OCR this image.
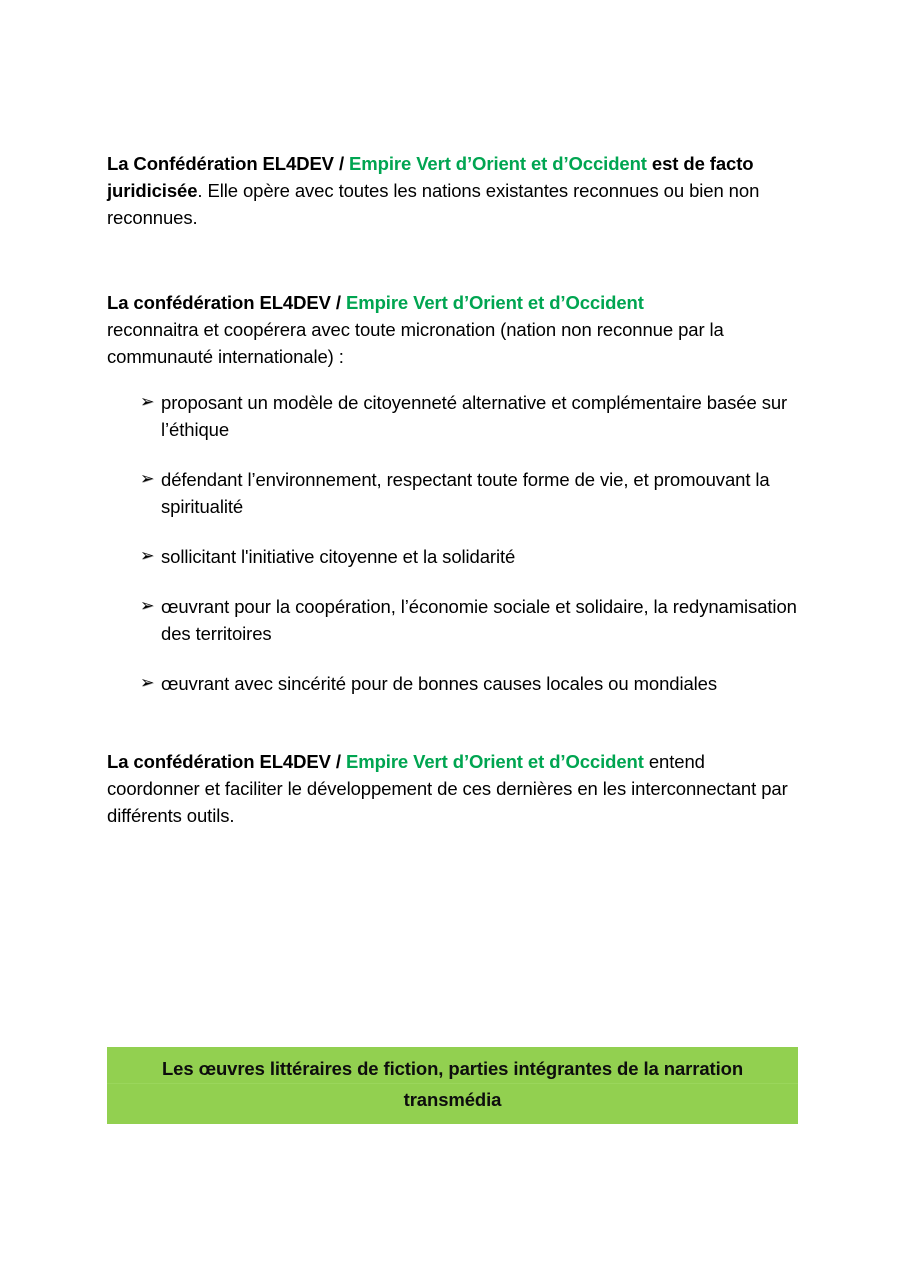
La Confédération EL4DEV / Empire Vert d’Orient et d’Occident est de facto juridicisée. Elle opère avec toutes les nations existantes reconnues ou bien non reconnues.

La confédération EL4DEV / Empire Vert d’Orient et d’Occident
reconnaitra et coopérera avec toute micronation (nation non reconnue par la communauté internationale) :

➢ proposant un modèle de citoyenneté alternative et complémentaire basée sur l’éthique
➢ défendant l’environnement, respectant toute forme de vie, et promouvant la spiritualité
➢ sollicitant l'initiative citoyenne et la solidarité
➢ œuvrant pour la coopération, l’économie sociale et solidaire, la redynamisation des territoires
➢ œuvrant avec sincérité pour de bonnes causes locales ou mondiales

La confédération EL4DEV / Empire Vert d’Orient et d’Occident entend coordonner et faciliter le développement de ces dernières en les interconnectant par différents outils.

Les œuvres littéraires de fiction, parties intégrantes de la narration
transmédia
